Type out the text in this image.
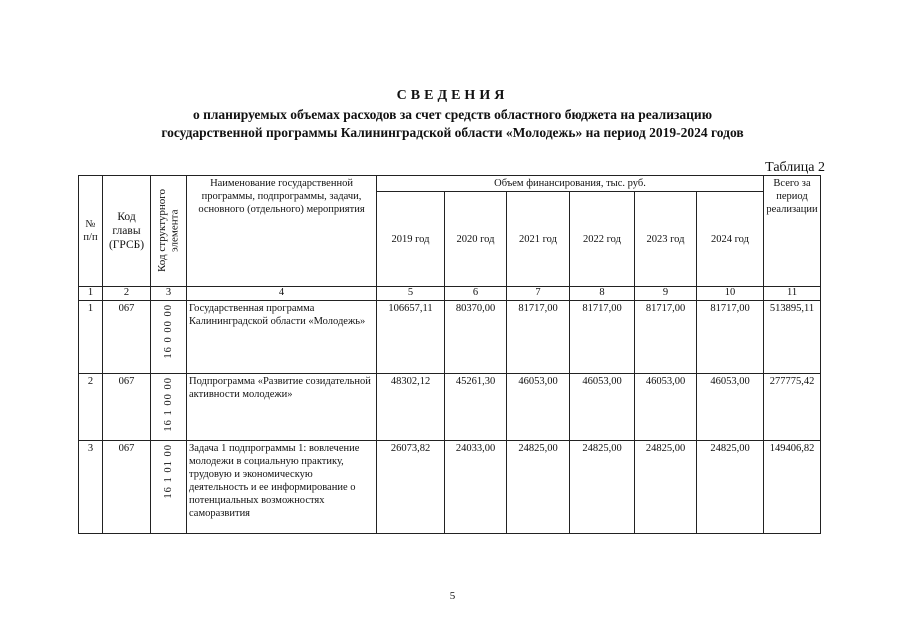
СВЕДЕНИЯ
о планируемых объемах расходов за счет средств областного бюджета на реализацию
государственной программы Калининградской области «Молодежь» на период 2019-2024 годов
Таблица 2
№ п/п	Код главы (ГРСБ)	Код структурного элемента	Наименование государственной программы, подпрограммы, задачи, основного (отдельного) мероприятия	Объем финансирования, тыс. руб.						Всего за период реализации
				2019 год	2020 год	2021 год	2022 год	2023 год	2024 год	
1	2	3	4	5	6	7	8	9	10	11
1	067	16 0 00 00	Государственная программа Калининградской области «Молодежь»	106657,11	80370,00	81717,00	81717,00	81717,00	81717,00	513895,11
2	067	16 1 00 00	Подпрограмма «Развитие созидательной активности молодежи»	48302,12	45261,30	46053,00	46053,00	46053,00	46053,00	277775,42
3	067	16 1 01 00	Задача 1 подпрограммы 1: вовлечение молодежи в социальную практику, трудовую и экономическую деятельность и ее информирование о потенциальных возможностях саморазвития	26073,82	24033,00	24825,00	24825,00	24825,00	24825,00	149406,82
5
